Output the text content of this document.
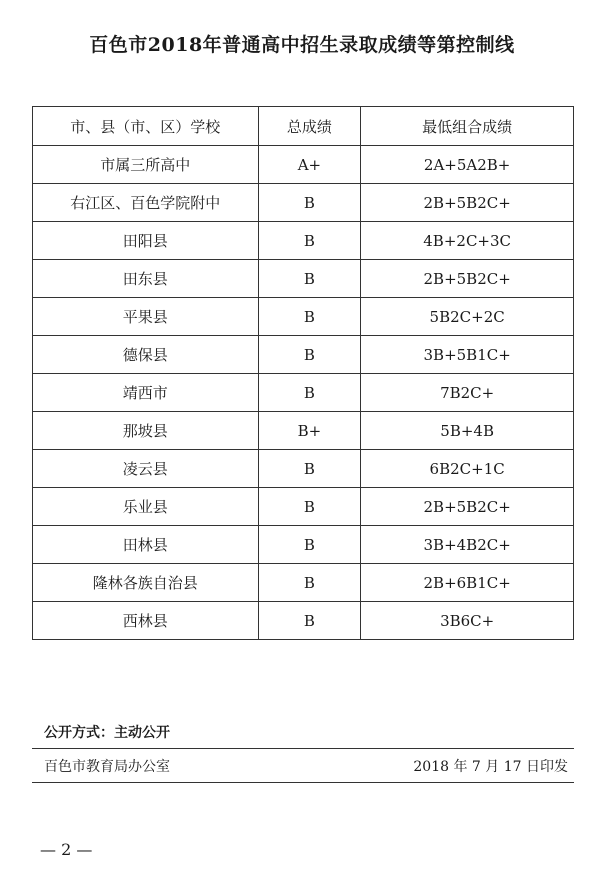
百色市2018年普通高中招生录取成绩等第控制线
市、县（市、区）学校	总成绩	最低组合成绩
市属三所高中	A+	2A+5A2B+
右江区、百色学院附中	B	2B+5B2C+
田阳县	B	4B+2C+3C
田东县	B	2B+5B2C+
平果县	B	5B2C+2C
德保县	B	3B+5B1C+
靖西市	B	7B2C+
那坡县	B+	5B+4B
凌云县	B	6B2C+1C
乐业县	B	2B+5B2C+
田林县	B	3B+4B2C+
隆林各族自治县	B	2B+6B1C+
西林县	B	3B6C+
公开方式：主动公开
百色市教育局办公室	2018 年 7 月 17 日印发
— 2 —
